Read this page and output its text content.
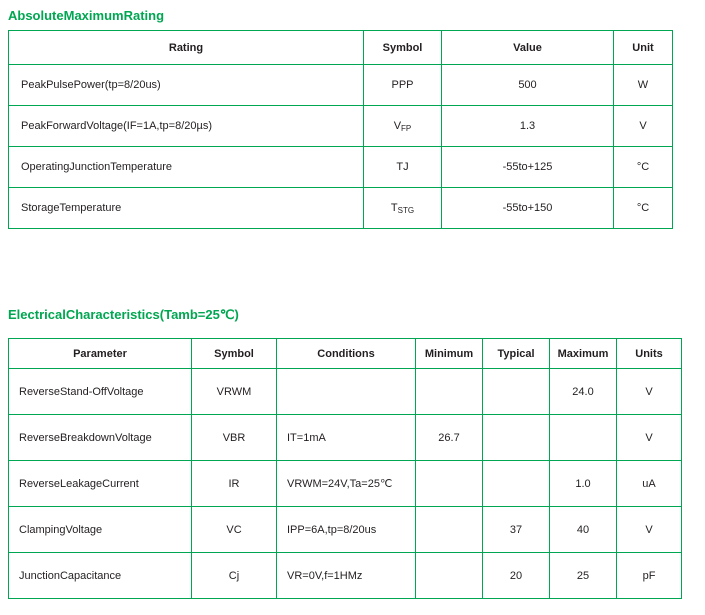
AbsoluteMaximumRating
Rating	Symbol	Value	Unit
PeakPulsePower(tp=8/20us)	PPP	500	W
PeakForwardVoltage(IF=1A,tp=8/20µs)	$V_{FP}$	1.3	V
OperatingJunctionTemperature	TJ	-55to+125	°C
StorageTemperature	$T_{STG}$	-55to+150	°C
ElectricalCharacteristics(Tamb=25℃)
Parameter	Symbol	Conditions	Minimum	Typical	Maximum	Units
ReverseStand-OffVoltage	VRWM				24.0	V
ReverseBreakdownVoltage	VBR	IT=1mA	26.7			V
ReverseLeakageCurrent	IR	VRWM=24V,Ta=25℃			1.0	uA
ClampingVoltage	VC	IPP=6A,tp=8/20us		37	40	V
JunctionCapacitance	Cj	VR=0V,f=1HMz		20	25	pF
